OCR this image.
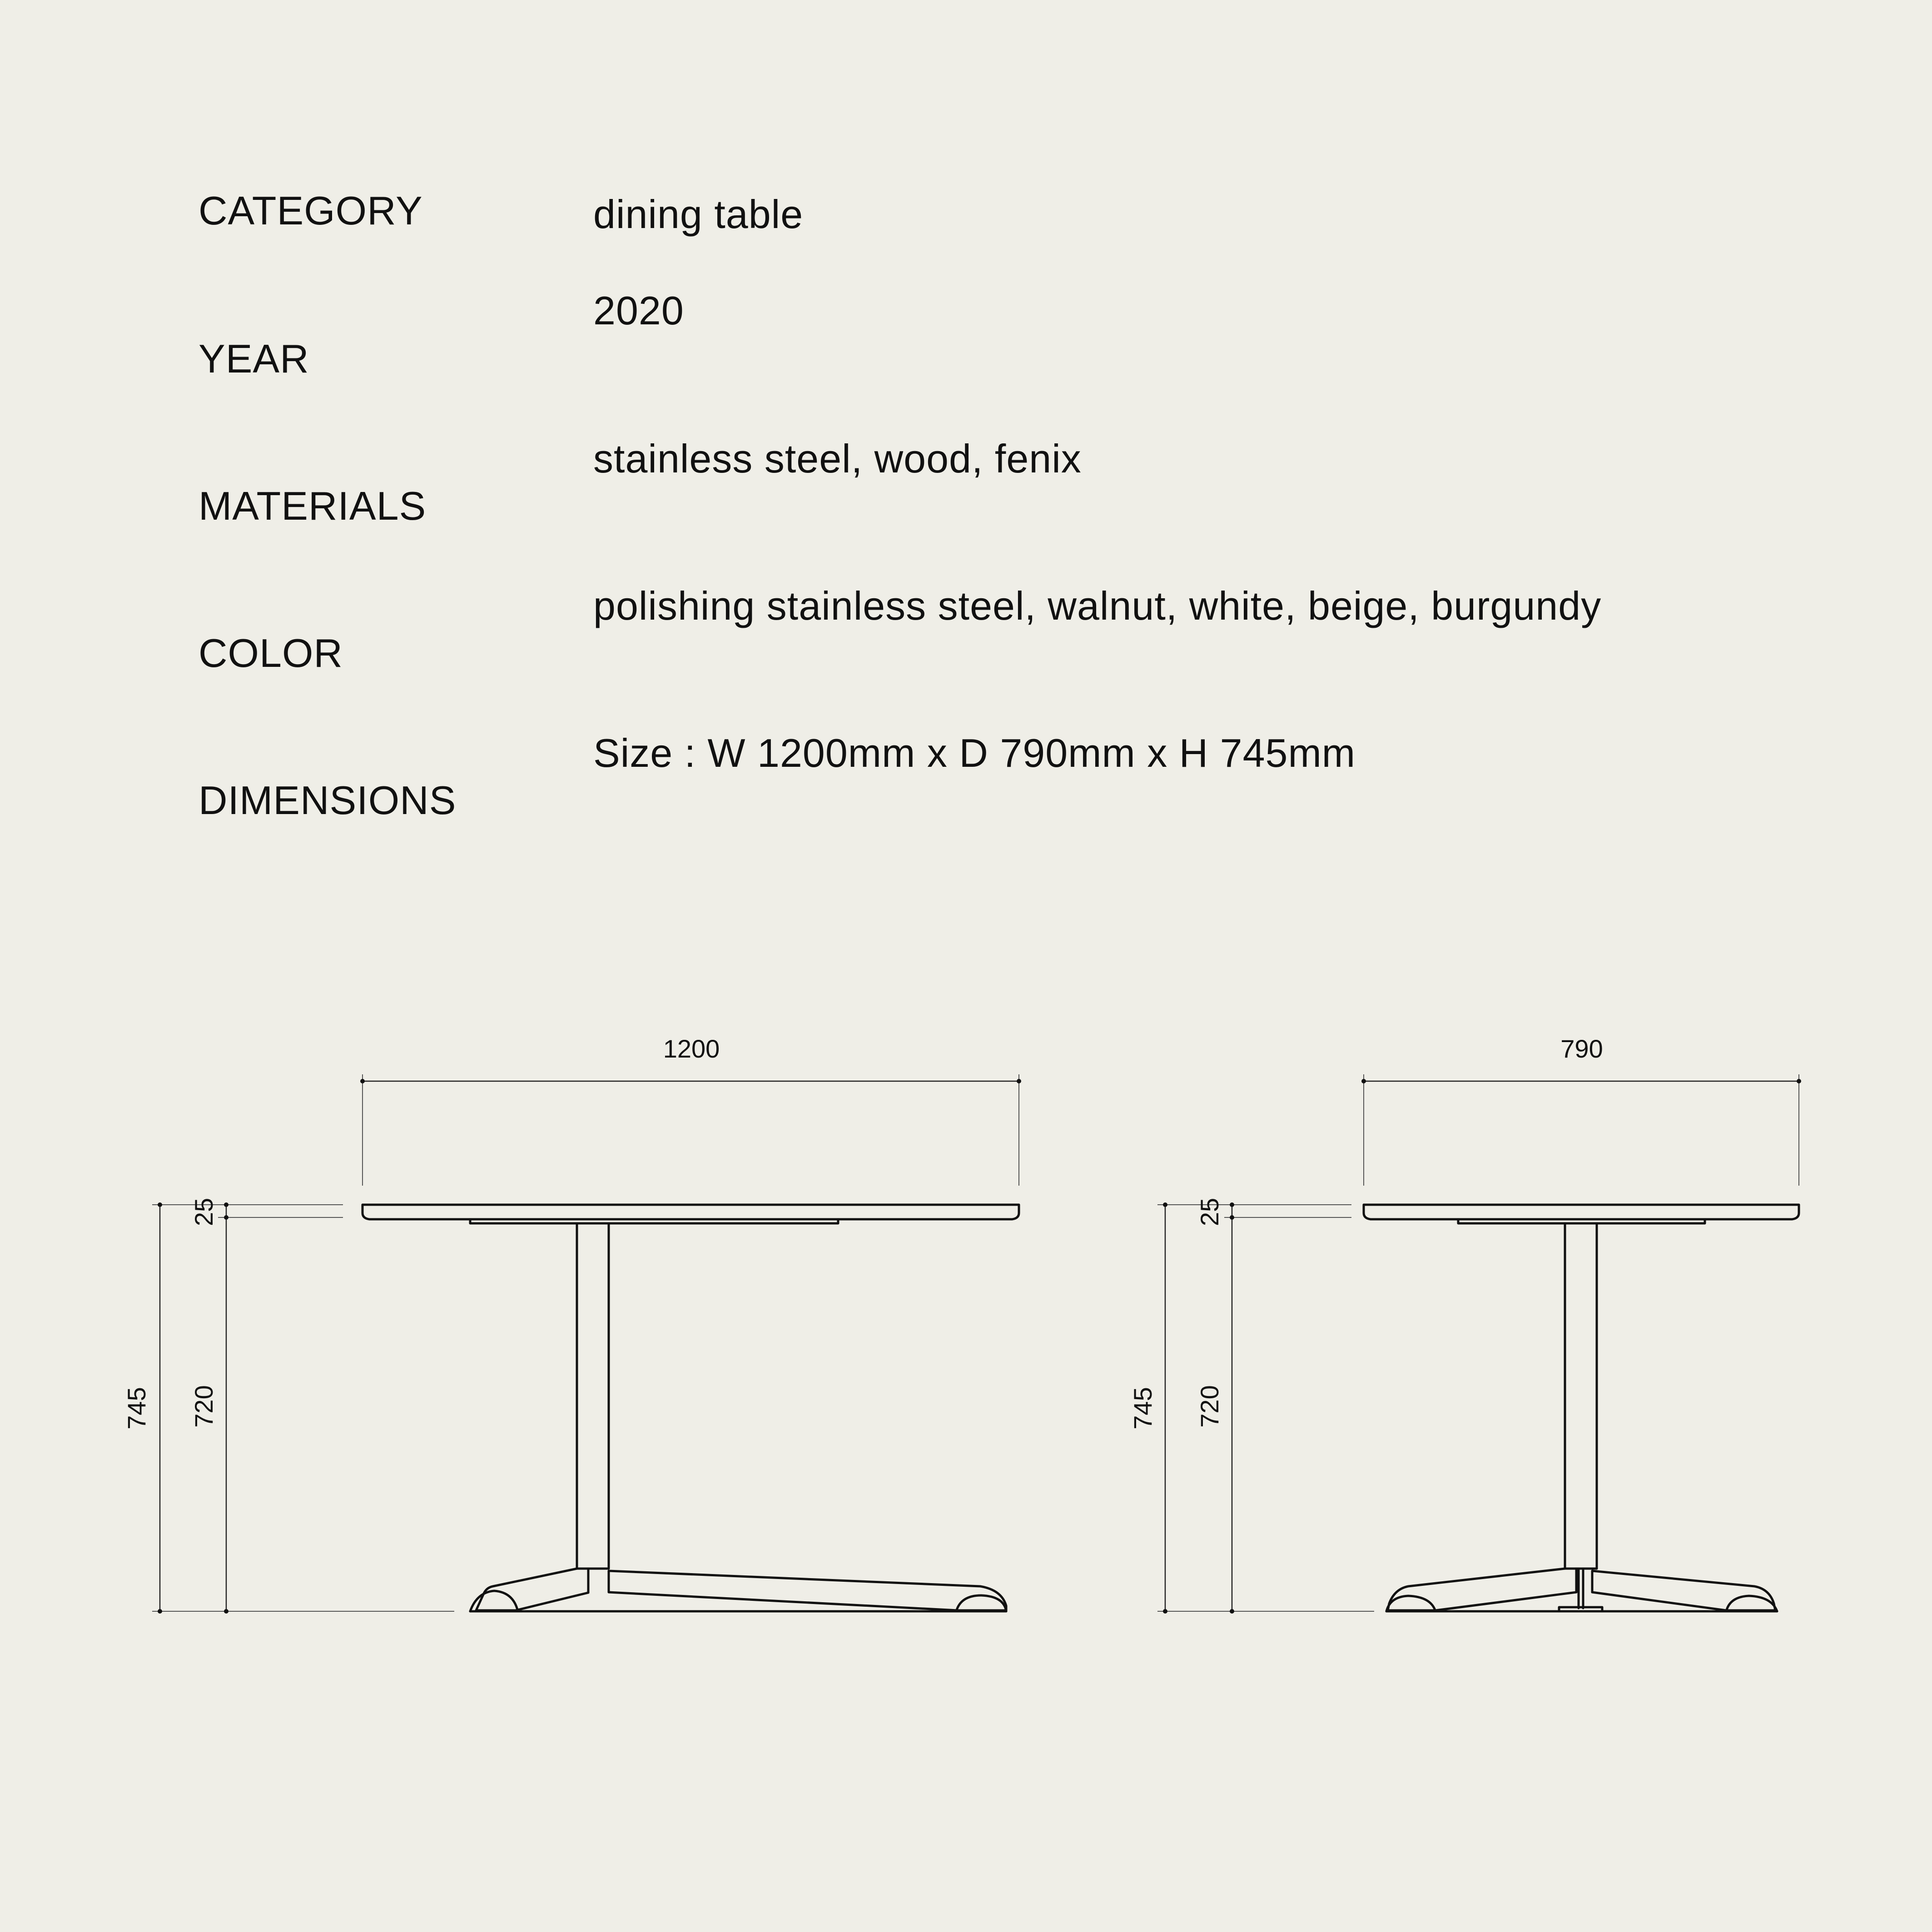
CATEGORY	dining table
YEAR
2020
MATERIALS
stainless steel, wood, fenix
COLOR
polishing stainless steel, walnut, white, beige, burgundy
DIMENSIONS
Size : W 1200mm x D 790mm x H 745mm
1200
25
720
745
790
25
720
745
